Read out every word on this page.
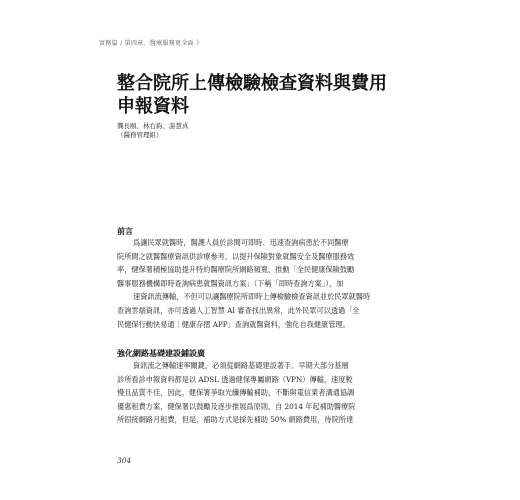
實務篇 ∕ 第四章．醫療服務更全面 》
整合院所上傳檢驗檢查資料與費用
申報資料
龔長頤、林右鈞、游慧真
（醫務管理組）
前言
爲讓民眾就醫時，醫護人員於診間可即時、迅速查詢病患於不同醫療
院所間之就醫醫療資訊供診療參考，以提升保險對象就醫安全及醫療服務效
率，健保署積極協助提升特約醫療院所網路頻寬，推動「全民健康保險鼓勵
醫事服務機構即時查詢病患就醫資訊方案」（下稱「即時查詢方案」），加
速資訊流傳輸，不但可以讓醫療院所即時上傳檢驗檢查資訊並於民眾就醫時
查詢雲端資訊，亦可透過人工智慧 AI 審查找出異常，此外民眾可以透過「全
民健保行動快易通｜健康存摺 APP」查詢就醫資料，強化自我健康管理。
強化網路基礎建設鋪設廣
資訊流之傳輸速率關鍵，必須從網路基礎建設著手。早期大部分基層
診所看診申報資料都是以 ADSL 透過健保專屬網路（VPN）傳輸，速度較
慢且品質不佳，因此，健保署爭取光纖傳輸補助，不斷與電信業者溝通協調
優惠租費方案，健保署以鼓勵及逐步推展爲原則，自 2014 年起補助醫療院
所固接網路月租費，但是，補助方式是採先補助 50% 網路費用，待院所達
304
